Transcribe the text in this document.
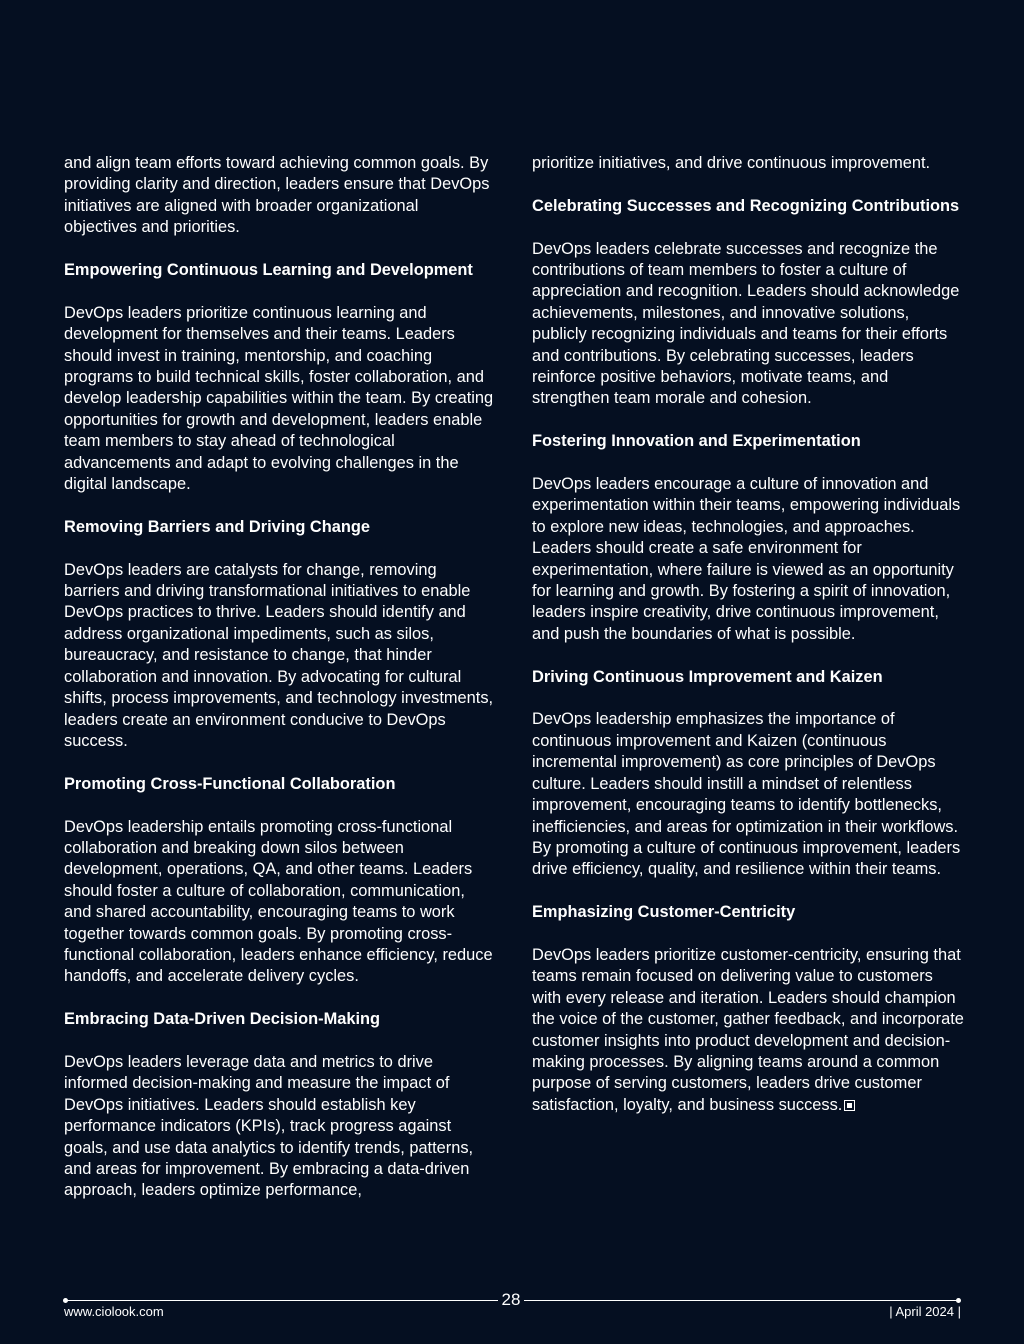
and align team efforts toward achieving common goals. By providing clarity and direction, leaders ensure that DevOps initiatives are aligned with broader organizational objectives and priorities.

Empowering Continuous Learning and Development

DevOps leaders prioritize continuous learning and development for themselves and their teams. Leaders should invest in training, mentorship, and coaching programs to build technical skills, foster collaboration, and develop leadership capabilities within the team. By creating opportunities for growth and development, leaders enable team members to stay ahead of technological advancements and adapt to evolving challenges in the digital landscape.

Removing Barriers and Driving Change

DevOps leaders are catalysts for change, removing barriers and driving transformational initiatives to enable DevOps practices to thrive. Leaders should identify and address organizational impediments, such as silos, bureaucracy, and resistance to change, that hinder collaboration and innovation. By advocating for cultural shifts, process improvements, and technology investments, leaders create an environment conducive to DevOps success.

Promoting Cross-Functional Collaboration

DevOps leadership entails promoting cross-functional collaboration and breaking down silos between development, operations, QA, and other teams. Leaders should foster a culture of collaboration, communication, and shared accountability, encouraging teams to work together towards common goals. By promoting cross-functional collaboration, leaders enhance efficiency, reduce handoffs, and accelerate delivery cycles.

Embracing Data-Driven Decision-Making

DevOps leaders leverage data and metrics to drive informed decision-making and measure the impact of DevOps initiatives. Leaders should establish key performance indicators (KPIs), track progress against goals, and use data analytics to identify trends, patterns, and areas for improvement. By embracing a data-driven approach, leaders optimize performance,

prioritize initiatives, and drive continuous improvement.

Celebrating Successes and Recognizing Contributions

DevOps leaders celebrate successes and recognize the contributions of team members to foster a culture of appreciation and recognition. Leaders should acknowledge achievements, milestones, and innovative solutions, publicly recognizing individuals and teams for their efforts and contributions. By celebrating successes, leaders reinforce positive behaviors, motivate teams, and strengthen team morale and cohesion.

Fostering Innovation and Experimentation

DevOps leaders encourage a culture of innovation and experimentation within their teams, empowering individuals to explore new ideas, technologies, and approaches. Leaders should create a safe environment for experimentation, where failure is viewed as an opportunity for learning and growth. By fostering a spirit of innovation, leaders inspire creativity, drive continuous improvement, and push the boundaries of what is possible.

Driving Continuous Improvement and Kaizen

DevOps leadership emphasizes the importance of continuous improvement and Kaizen (continuous incremental improvement) as core principles of DevOps culture. Leaders should instill a mindset of relentless improvement, encouraging teams to identify bottlenecks, inefficiencies, and areas for optimization in their workflows. By promoting a culture of continuous improvement, leaders drive efficiency, quality, and resilience within their teams.

Emphasizing Customer-Centricity

DevOps leaders prioritize customer-centricity, ensuring that teams remain focused on delivering value to customers with every release and iteration. Leaders should champion the voice of the customer, gather feedback, and incorporate customer insights into product development and decision-making processes. By aligning teams around a common purpose of serving customers, leaders drive customer satisfaction, loyalty, and business success.

28
www.ciolook.com	| April 2024 |
